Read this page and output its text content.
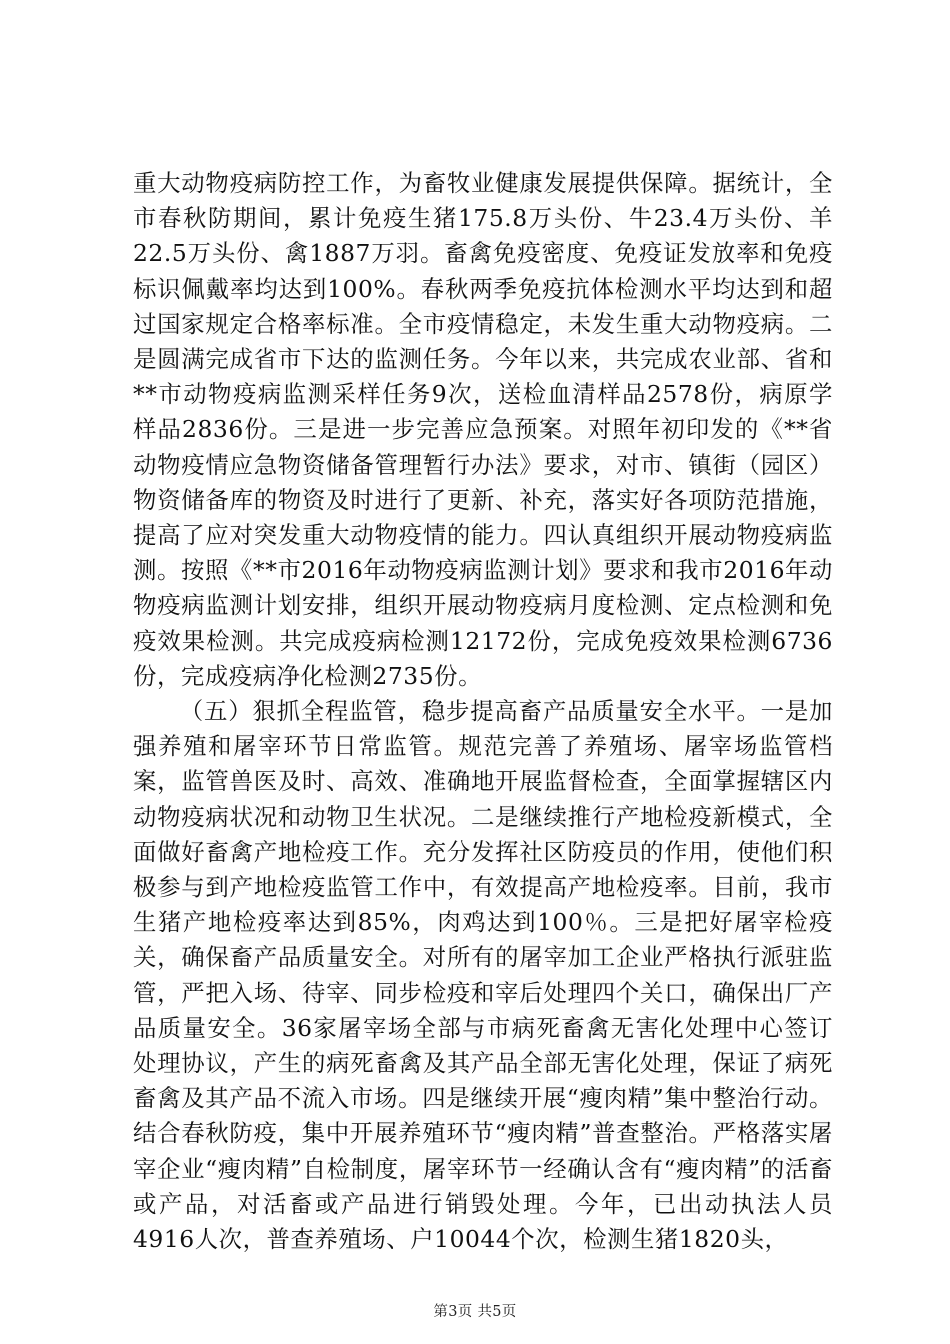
重大动物疫病防控工作，为畜牧业健康发展提供保障。据统计，全市春秋防期间，累计免疫生猪175.8万头份、牛23.4万头份、羊22.5万头份、禽1887万羽。畜禽免疫密度、免疫证发放率和免疫标识佩戴率均达到100%。春秋两季免疫抗体检测水平均达到和超过国家规定合格率标准。全市疫情稳定，未发生重大动物疫病。二是圆满完成省市下达的监测任务。今年以来，共完成农业部、省和**市动物疫病监测采样任务9次，送检血清样品2578份，病原学样品2836份。三是进一步完善应急预案。对照年初印发的《**省动物疫情应急物资储备管理暂行办法》要求，对市、镇街（园区）物资储备库的物资及时进行了更新、补充，落实好各项防范措施，提高了应对突发重大动物疫情的能力。四认真组织开展动物疫病监测。按照《**市2016年动物疫病监测计划》要求和我市2016年动物疫病监测计划安排，组织开展动物疫病月度检测、定点检测和免疫效果检测。共完成疫病检测12172份，完成免疫效果检测6736份，完成疫病净化检测2735份。

（五）狠抓全程监管，稳步提高畜产品质量安全水平。一是加强养殖和屠宰环节日常监管。规范完善了养殖场、屠宰场监管档案，监管兽医及时、高效、准确地开展监督检查，全面掌握辖区内动物疫病状况和动物卫生状况。二是继续推行产地检疫新模式，全面做好畜禽产地检疫工作。充分发挥社区防疫员的作用，使他们积极参与到产地检疫监管工作中，有效提高产地检疫率。目前，我市生猪产地检疫率达到85%，肉鸡达到100％。三是把好屠宰检疫关，确保畜产品质量安全。对所有的屠宰加工企业严格执行派驻监管，严把入场、待宰、同步检疫和宰后处理四个关口，确保出厂产品质量安全。36家屠宰场全部与市病死畜禽无害化处理中心签订处理协议，产生的病死畜禽及其产品全部无害化处理，保证了病死畜禽及其产品不流入市场。四是继续开展“瘦肉精”集中整治行动。结合春秋防疫，集中开展养殖环节“瘦肉精”普查整治。严格落实屠宰企业“瘦肉精”自检制度，屠宰环节一经确认含有“瘦肉精”的活畜或产品，对活畜或产品进行销毁处理。今年，已出动执法人员4916人次，普查养殖场、户10044个次，检测生猪1820头，

第3页 共5页
